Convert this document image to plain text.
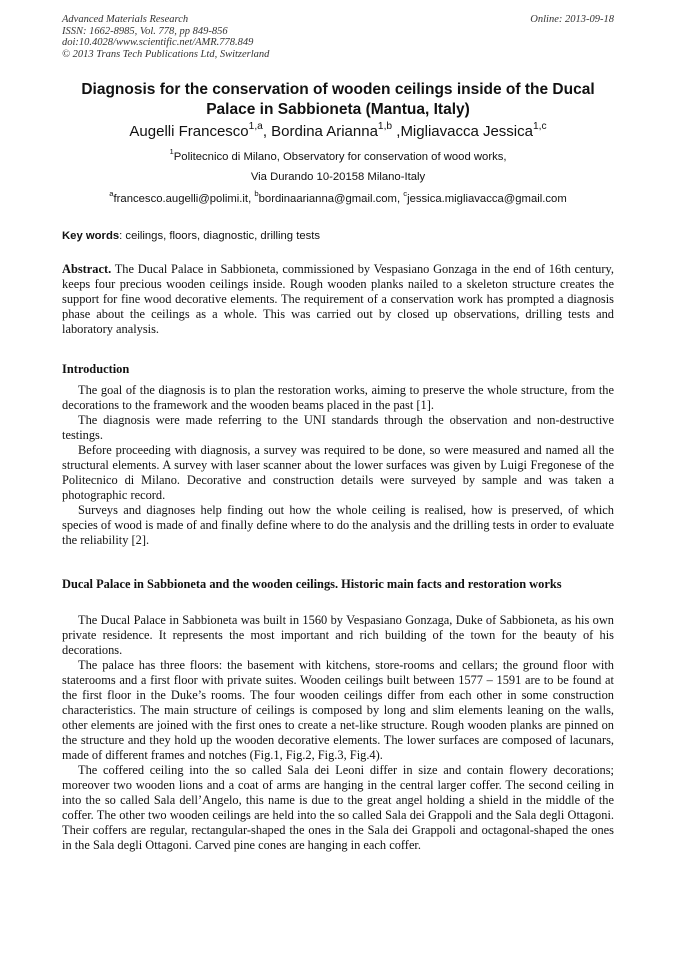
Advanced Materials Research
ISSN: 1662-8985, Vol. 778, pp 849-856
doi:10.4028/www.scientific.net/AMR.778.849
© 2013 Trans Tech Publications Ltd, Switzerland
Online: 2013-09-18
Diagnosis for the conservation of wooden ceilings inside of the Ducal Palace in Sabbioneta (Mantua, Italy)
Augelli Francesco$^{1,a}$, Bordina Arianna$^{1,b}$ ,Migliavacca Jessica$^{1,c}$
$^1$Politecnico di Milano, Observatory for conservation of wood works,
Via Durando 10-20158 Milano-Italy
$^a$francesco.augelli@polimi.it, $^b$bordinaarianna@gmail.com, $^c$jessica.migliavacca@gmail.com
Key words: ceilings, floors, diagnostic, drilling tests

Abstract. The Ducal Palace in Sabbioneta, commissioned by Vespasiano Gonzaga in the end of 16th century, keeps four precious wooden ceilings inside. Rough wooden planks nailed to a skeleton structure creates the support for fine wood decorative elements. The requirement of a conservation work has prompted a diagnosis phase about the ceilings as a whole. This was carried out by closed up observations, drilling tests and laboratory analysis.

Introduction

The goal of the diagnosis is to plan the restoration works, aiming to preserve the whole structure, from the decorations to the framework and the wooden beams placed in the past [1].

The diagnosis were made referring to the UNI standards through the observation and non-destructive testings.

Before proceeding with diagnosis, a survey was required to be done, so were measured and named all the structural elements. A survey with laser scanner about the lower surfaces was given by Luigi Fregonese of the Politecnico di Milano. Decorative and construction details were surveyed by sample and was taken a photographic record.

Surveys and diagnoses help finding out how the whole ceiling is realised, how is preserved, of which species of wood is made of and finally define where to do the analysis and the drilling tests in order to evaluate the reliability [2].

Ducal Palace in Sabbioneta and the wooden ceilings. Historic main facts and restoration works

The Ducal Palace in Sabbioneta was built in 1560 by Vespasiano Gonzaga, Duke of Sabbioneta, as his own private residence. It represents the most important and rich building of the town for the beauty of his decorations.

The palace has three floors: the basement with kitchens, store-rooms and cellars; the ground floor with staterooms and a first floor with private suites. Wooden ceilings built between 1577 – 1591 are to be found at the first floor in the Duke’s rooms. The four wooden ceilings differ from each other in some construction characteristics. The main structure of ceilings is composed by long and slim elements leaning on the walls, other elements are joined with the first ones to create a net-like structure. Rough wooden planks are pinned on the structure and they hold up the wooden decorative elements. The lower surfaces are composed of lacunars, made of different frames and notches (Fig.1, Fig.2, Fig.3, Fig.4).

The coffered ceiling into the so called Sala dei Leoni differ in size and contain flowery decorations; moreover two wooden lions and a coat of arms are hanging in the central larger coffer. The second ceiling in into the so called Sala dell’Angelo, this name is due to the great angel holding a shield in the middle of the coffer. The other two wooden ceilings are held into the so called Sala dei Grappoli and the Sala degli Ottagoni. Their coffers are regular, rectangular-shaped the ones in the Sala dei Grappoli and octagonal-shaped the ones in the Sala degli Ottagoni. Carved pine cones are hanging in each coffer.
